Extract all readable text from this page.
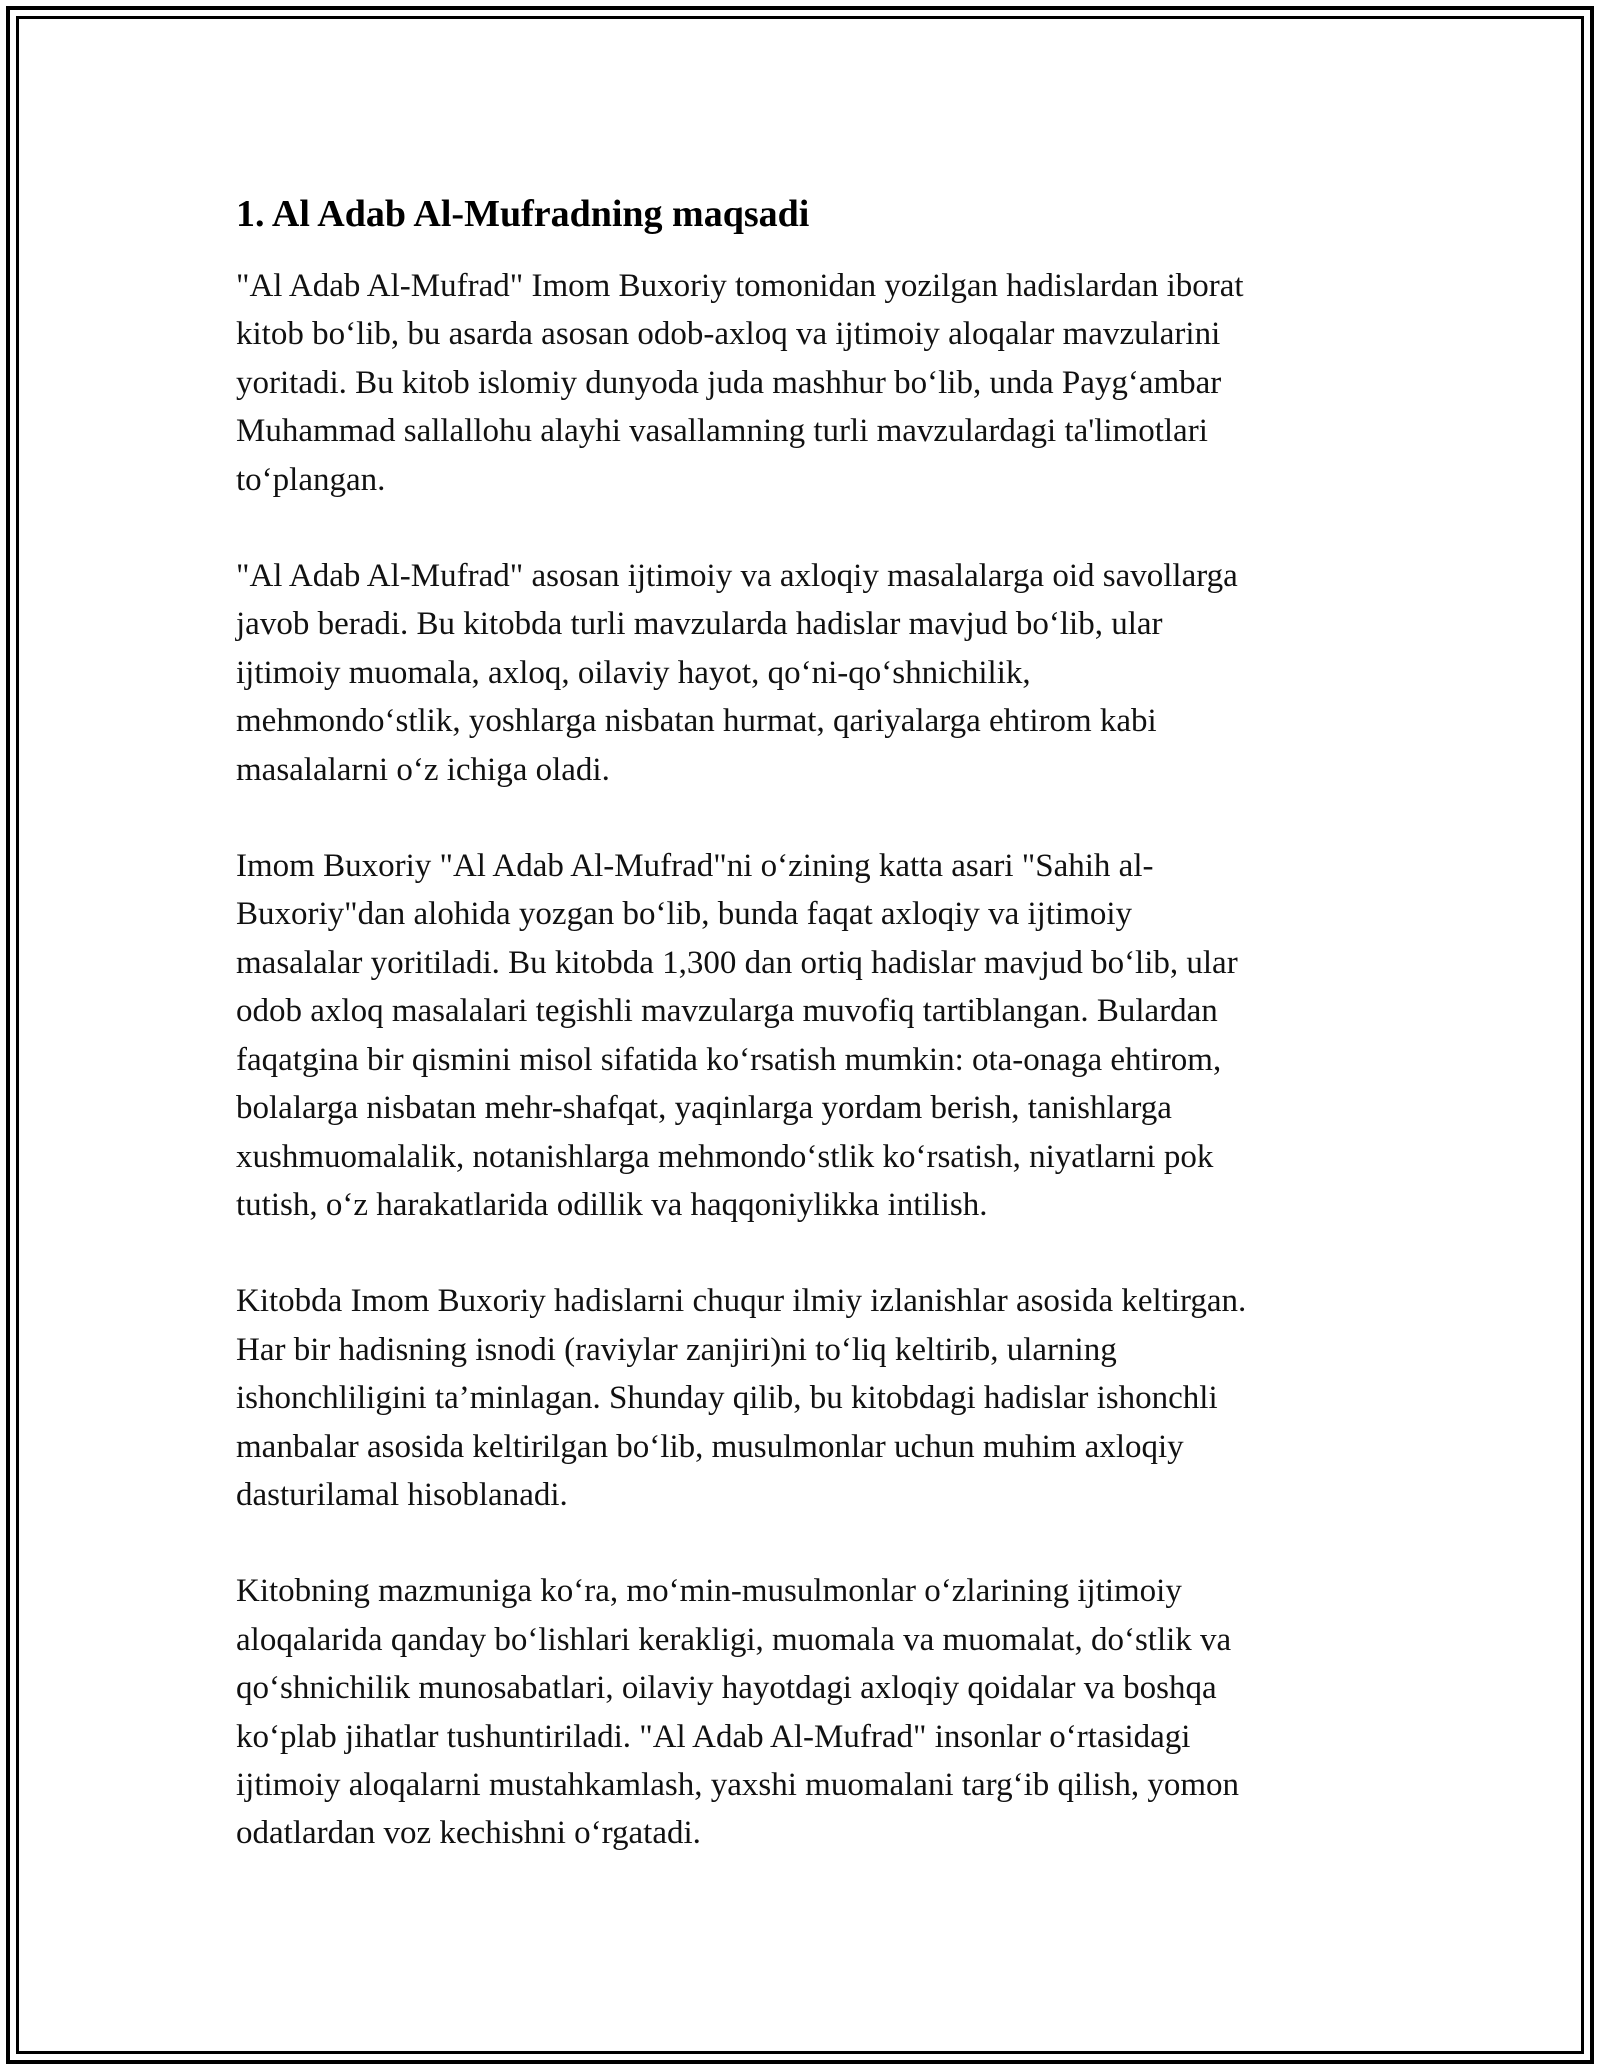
1. Al Adab Al-Mufradning maqsadi

"Al Adab Al-Mufrad" Imom Buxoriy tomonidan yozilgan hadislardan iborat
kitob bo‘lib, bu asarda asosan odob-axloq va ijtimoiy aloqalar mavzularini
yoritadi. Bu kitob islomiy dunyoda juda mashhur bo‘lib, unda Payg‘ambar
Muhammad sallallohu alayhi vasallamning turli mavzulardagi ta'limotlari
to‘plangan.

"Al Adab Al-Mufrad" asosan ijtimoiy va axloqiy masalalarga oid savollarga
javob beradi. Bu kitobda turli mavzularda hadislar mavjud bo‘lib, ular
ijtimoiy muomala, axloq, oilaviy hayot, qo‘ni-qo‘shnichilik,
mehmondo‘stlik, yoshlarga nisbatan hurmat, qariyalarga ehtirom kabi
masalalarni o‘z ichiga oladi.

Imom Buxoriy "Al Adab Al-Mufrad"ni o‘zining katta asari "Sahih al-
Buxoriy"dan alohida yozgan bo‘lib, bunda faqat axloqiy va ijtimoiy
masalalar yoritiladi. Bu kitobda 1,300 dan ortiq hadislar mavjud bo‘lib, ular
odob axloq masalalari tegishli mavzularga muvofiq tartiblangan. Bulardan
faqatgina bir qismini misol sifatida ko‘rsatish mumkin: ota-onaga ehtirom,
bolalarga nisbatan mehr-shafqat, yaqinlarga yordam berish, tanishlarga
xushmuomalalik, notanishlarga mehmondo‘stlik ko‘rsatish, niyatlarni pok
tutish, o‘z harakatlarida odillik va haqqoniylikka intilish.

Kitobda Imom Buxoriy hadislarni chuqur ilmiy izlanishlar asosida keltirgan.
Har bir hadisning isnodi (raviylar zanjiri)ni to‘liq keltirib, ularning
ishonchliligini ta’minlagan. Shunday qilib, bu kitobdagi hadislar ishonchli
manbalar asosida keltirilgan bo‘lib, musulmonlar uchun muhim axloqiy
dasturilamal hisoblanadi.

Kitobning mazmuniga ko‘ra, mo‘min-musulmonlar o‘zlarining ijtimoiy
aloqalarida qanday bo‘lishlari kerakligi, muomala va muomalat, do‘stlik va
qo‘shnichilik munosabatlari, oilaviy hayotdagi axloqiy qoidalar va boshqa
ko‘plab jihatlar tushuntiriladi. "Al Adab Al-Mufrad" insonlar o‘rtasidagi
ijtimoiy aloqalarni mustahkamlash, yaxshi muomalani targ‘ib qilish, yomon
odatlardan voz kechishni o‘rgatadi.
